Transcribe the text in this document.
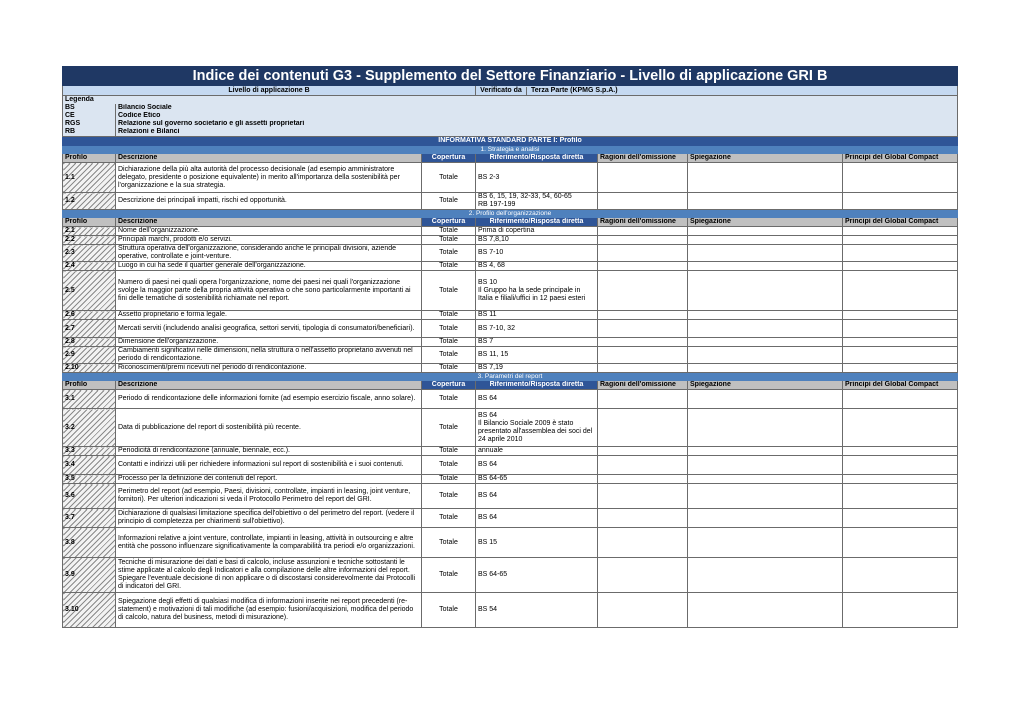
Indice dei contenuti G3 - Supplemento del Settore Finanziario - Livello di applicazione GRI B						
Livello di applicazione B			Verificato da Terza Parte (KPMG S.p.A.)			
Legenda						
BS	Bilancio Sociale					
CE	Codice Etico					
RGS	Relazione sul governo societario e gli assetti proprietari					
RB	Relazioni e Bilanci					
INFORMATIVA STANDARD PARTE I: Profilo						
1. Strategia e analisi						
Profilo	Descrizione	Copertura	Riferimento/Risposta diretta	Ragioni dell'omissione	Spiegazione	Principi del Global Compact
1.1	Dichiarazione della più alta autorità del processo decisionale (ad esempio amministratore delegato, presidente o posizione equivalente) in merito all'importanza della sostenibilità per l'organizzazione e la sua strategia.	Totale	BS 2-3			
1.2	Descrizione dei principali impatti, rischi ed opportunità.	Totale	BS 6, 15, 19, 32-33, 54, 60-65
RB 197-199			
2. Profilo dell'organizzazione						
Profilo	Descrizione	Copertura	Riferimento/Risposta diretta	Ragioni dell'omissione	Spiegazione	Principi del Global Compact
2.1	Nome dell'organizzazione.	Totale	Prima di copertina			
2.2	Principali marchi, prodotti e/o servizi.	Totale	BS 7,8,10			
2.3	Struttura operativa dell'organizzazione, considerando anche le principali divisioni, aziende operative, controllate e joint-venture.	Totale	BS 7-10			
2.4	Luogo in cui ha sede il quartier generale dell'organizzazione.	Totale	BS 4, 68			
2.5	Numero di paesi nei quali opera l'organizzazione, nome dei paesi nei quali l'organizzazione svolge la maggior parte della propria attività operativa o che sono particolarmente importanti ai fini delle tematiche di sostenibilità richiamate nel report.	Totale	BS 10
Il Gruppo ha la sede principale in Italia e filiali/uffici in 12 paesi esteri			
2.6	Assetto proprietario e forma legale.	Totale	BS 11			
2.7	Mercati serviti (includendo analisi geografica, settori serviti, tipologia di consumatori/beneficiari).	Totale	BS 7-10, 32			
2.8	Dimensione dell'organizzazione.	Totale	BS 7			
2.9	Cambiamenti significativi nelle dimensioni, nella struttura o nell'assetto proprietario avvenuti nel periodo di rendicontazione.	Totale	BS 11, 15			
2.10	Riconoscimenti/premi ricevuti nel periodo di rendicontazione.	Totale	BS 7,19			
3. Parametri del report						
Profilo	Descrizione	Copertura	Riferimento/Risposta diretta	Ragioni dell'omissione	Spiegazione	Principi del Global Compact
3.1	Periodo di rendicontazione delle informazioni fornite (ad esempio esercizio fiscale, anno solare).	Totale	BS 64			
3.2	Data di pubblicazione del report di sostenibilità più recente.	Totale	BS 64
Il Bilancio Sociale 2009 è stato presentato all'assemblea dei soci del 24 aprile 2010			
3.3	Periodicità di rendicontazione (annuale, biennale, ecc.).	Totale	annuale			
3.4	Contatti e indirizzi utili per richiedere informazioni sul report di sostenibilità e i suoi contenuti.	Totale	BS 64			
3.5	Processo per la definizione dei contenuti del report.	Totale	BS 64-65			
3.6	Perimetro del report (ad esempio, Paesi, divisioni, controllate, impianti in leasing, joint venture, fornitori). Per ulteriori indicazioni si veda il Protocollo Perimetro del report del GRI.	Totale	BS 64			
3.7	Dichiarazione di qualsiasi limitazione specifica dell'obiettivo o del perimetro del report. (vedere il principio di completezza per chiarimenti sull'obiettivo).	Totale	BS 64			
3.8	Informazioni relative a joint venture, controllate, impianti in leasing, attività in outsourcing e altre entità che possono influenzare significativamente la comparabilità tra periodi e/o organizzazioni.	Totale	BS 15			
3.9	Tecniche di misurazione dei dati e basi di calcolo, incluse assunzioni e tecniche sottostanti le stime applicate al calcolo degli Indicatori e alla compilazione delle altre informazioni del report. Spiegare l'eventuale decisione di non applicare o di discostarsi considerevolmente dai Protocolli di indicatori del GRI.	Totale	BS 64-65			
3.10	Spiegazione degli effetti di qualsiasi modifica di informazioni inserite nei report precedenti (re-statement) e motivazioni di tali modifiche (ad esempio: fusioni/acquisizioni, modifica del periodo di calcolo, natura del business, metodi di misurazione).	Totale	BS 54			
